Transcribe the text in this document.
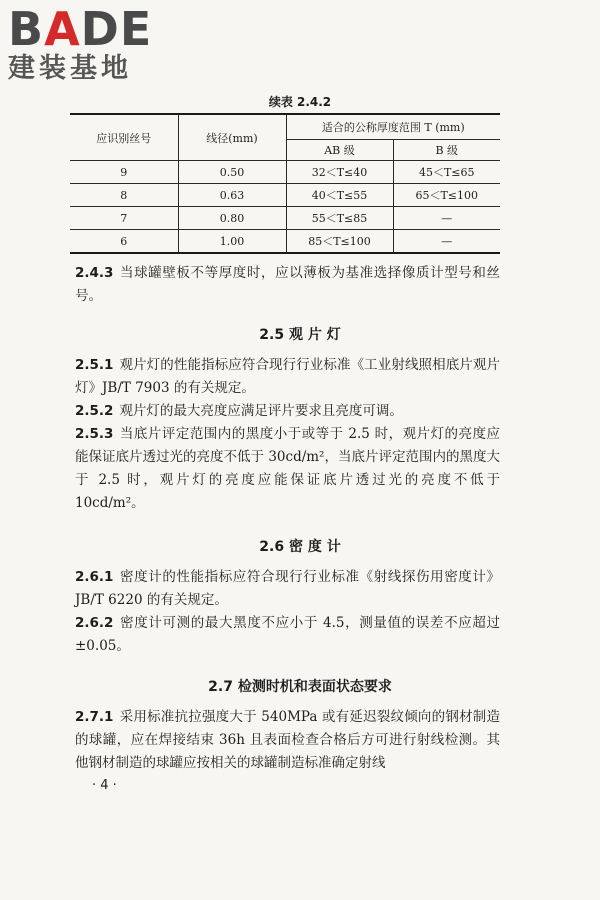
BADE
建装基地
续表 2.4.2
应识别丝号	线径(mm)	适合的公称厚度范围 T (mm)	
		AB 级	B 级
9	0.50	32＜T≤40	45＜T≤65
8	0.63	40＜T≤55	65＜T≤100
7	0.80	55＜T≤85	—
6	1.00	85＜T≤100	—

2.4.3 当球罐壁板不等厚度时，应以薄板为基准选择像质计型号和丝号。

2.5 观 片 灯

2.5.1 观片灯的性能指标应符合现行行业标准《工业射线照相底片观片灯》JB/T 7903 的有关规定。

2.5.2 观片灯的最大亮度应满足评片要求且亮度可调。

2.5.3 当底片评定范围内的黑度小于或等于 2.5 时，观片灯的亮度应能保证底片透过光的亮度不低于 30cd/m²，当底片评定范围内的黑度大于 2.5 时，观片灯的亮度应能保证底片透过光的亮度不低于 10cd/m²。

2.6 密 度 计

2.6.1 密度计的性能指标应符合现行行业标准《射线探伤用密度计》JB/T 6220 的有关规定。

2.6.2 密度计可测的最大黑度不应小于 4.5，测量值的误差不应超过±0.05。

2.7 检测时机和表面状态要求

2.7.1 采用标准抗拉强度大于 540MPa 或有延迟裂纹倾向的钢材制造的球罐，应在焊接结束 36h 且表面检查合格后方可进行射线检测。其他钢材制造的球罐应按相关的球罐制造标准确定射线

· 4 ·
